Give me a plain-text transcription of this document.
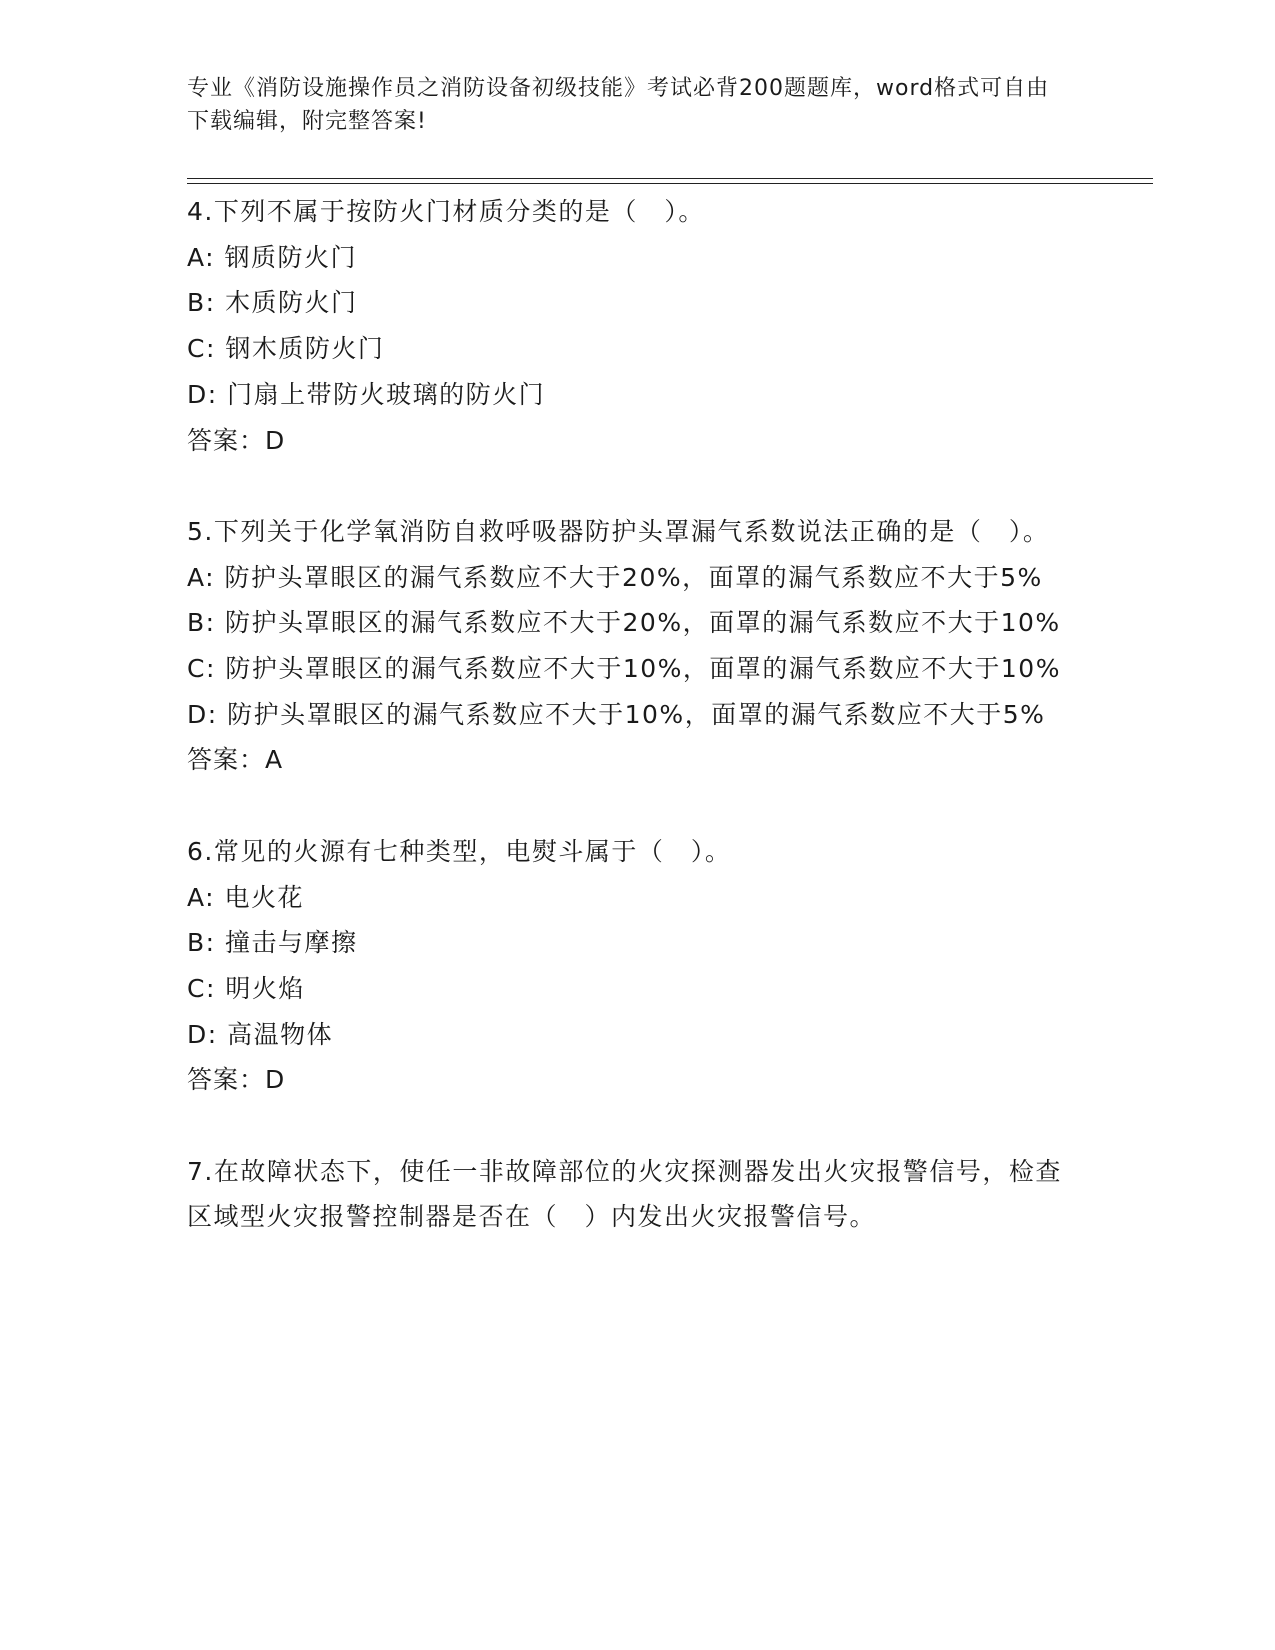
专业《消防设施操作员之消防设备初级技能》考试必背200题题库，word格式可自由下载编辑，附完整答案!

4.下列不属于按防火门材质分类的是（　）。

A: 钢质防火门

B: 木质防火门

C: 钢木质防火门

D: 门扇上带防火玻璃的防火门

答案：D

5.下列关于化学氧消防自救呼吸器防护头罩漏气系数说法正确的是（　）。

A: 防护头罩眼区的漏气系数应不大于20%，面罩的漏气系数应不大于5%

B: 防护头罩眼区的漏气系数应不大于20%，面罩的漏气系数应不大于10%

C: 防护头罩眼区的漏气系数应不大于10%，面罩的漏气系数应不大于10%

D: 防护头罩眼区的漏气系数应不大于10%，面罩的漏气系数应不大于5%

答案：A

6.常见的火源有七种类型，电熨斗属于（　）。

A: 电火花

B: 撞击与摩擦

C: 明火焰

D: 高温物体

答案：D

7.在故障状态下，使任一非故障部位的火灾探测器发出火灾报警信号，检查区域型火灾报警控制器是否在（　）内发出火灾报警信号。
